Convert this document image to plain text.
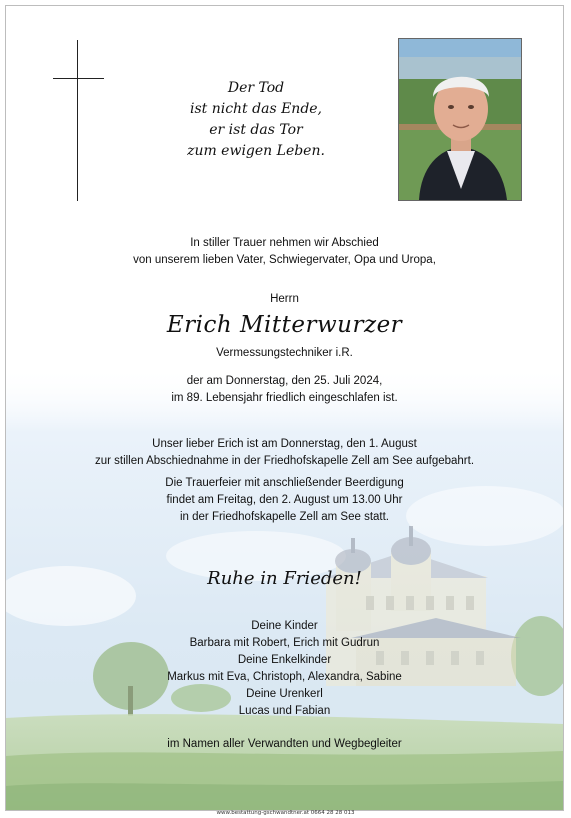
Der Tod
ist nicht das Ende,
er ist das Tor
zum ewigen Leben.
In stiller Trauer nehmen wir Abschied
von unserem lieben Vater, Schwiegervater, Opa und Uropa,
Herrn
Erich Mitterwurzer
Vermessungstechniker i.R.
der am Donnerstag, den 25. Juli 2024,
im 89. Lebensjahr friedlich eingeschlafen ist.
Unser lieber Erich ist am Donnerstag, den 1. August
zur stillen Abschiednahme in der Friedhofskapelle Zell am See aufgebahrt.
Die Trauerfeier mit anschließender Beerdigung
findet am Freitag, den 2. August um 13.00 Uhr
in der Friedhofskapelle Zell am See statt.
Ruhe in Frieden!
Deine Kinder
Barbara mit Robert, Erich mit Gudrun
Deine Enkelkinder
Markus mit Eva, Christoph, Alexandra, Sabine
Deine Urenkerl
Lucas und Fabian
im Namen aller Verwandten und Wegbegleiter
www.bestattung-gschwandtner.at 0664 28 28 013
